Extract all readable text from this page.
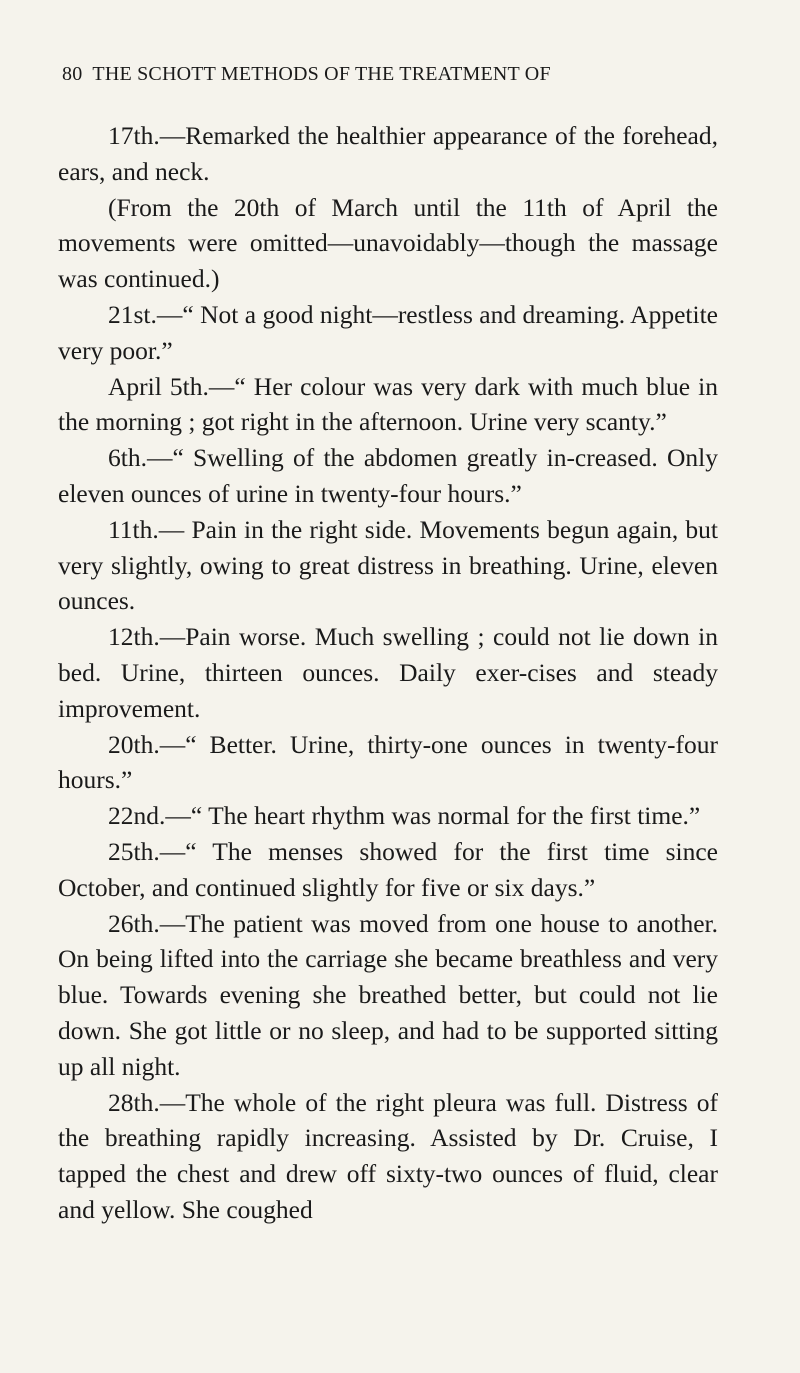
80 THE SCHOTT METHODS OF THE TREATMENT OF

17th.—Remarked the healthier appearance of the forehead, ears, and neck.

(From the 20th of March until the 11th of April the movements were omitted—unavoidably—though the massage was continued.)

21st.—“ Not a good night—restless and dreaming. Appetite very poor.”

April 5th.—“ Her colour was very dark with much blue in the morning ; got right in the afternoon. Urine very scanty.”

6th.—“ Swelling of the abdomen greatly in-creased. Only eleven ounces of urine in twenty-four hours.”

11th.— Pain in the right side. Movements begun again, but very slightly, owing to great distress in breathing. Urine, eleven ounces.

12th.—Pain worse. Much swelling ; could not lie down in bed. Urine, thirteen ounces. Daily exer-cises and steady improvement.

20th.—“ Better. Urine, thirty-one ounces in twenty-four hours.”

22nd.—“ The heart rhythm was normal for the first time.”

25th.—“ The menses showed for the first time since October, and continued slightly for five or six days.”

26th.—The patient was moved from one house to another. On being lifted into the carriage she became breathless and very blue. Towards evening she breathed better, but could not lie down. She got little or no sleep, and had to be supported sitting up all night.

28th.—The whole of the right pleura was full. Distress of the breathing rapidly increasing. Assisted by Dr. Cruise, I tapped the chest and drew off sixty-two ounces of fluid, clear and yellow. She coughed
